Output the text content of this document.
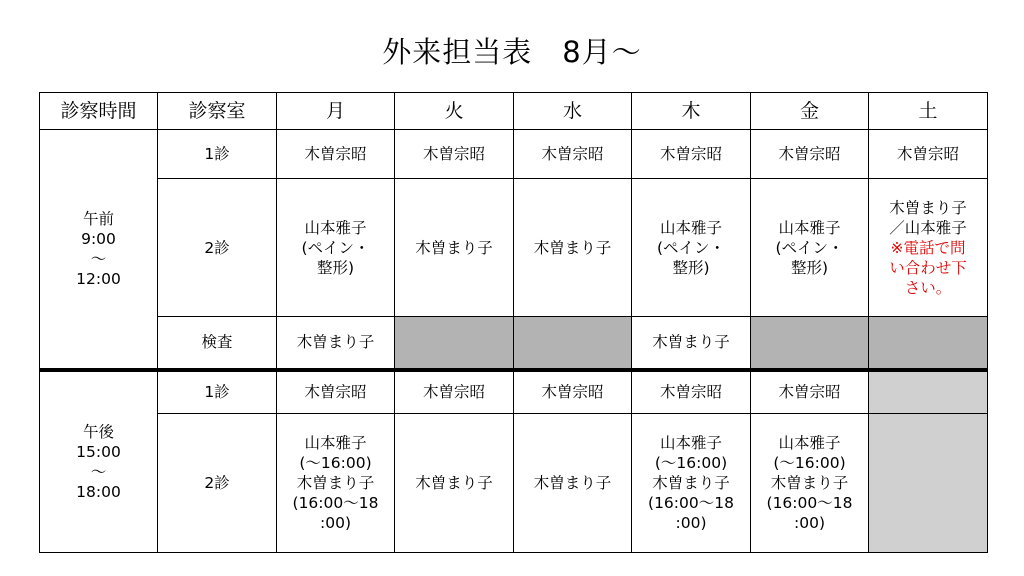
外来担当表　8月～
診察時間	診察室	月	火	水	木	金	土

午前
9:00
～
12:00	1診	木曽宗昭	木曽宗昭	木曽宗昭	木曽宗昭	木曽宗昭	木曽宗昭
	2診	山本雅子
(ペイン・
整形)	木曽まり子	木曽まり子	山本雅子
(ペイン・
整形)	山本雅子
(ペイン・
整形)	木曽まり子
／山本雅子
※電話で問
い合わせ下
さい。

	検査	木曽まり子			木曽まり子		

午後
15:00
～
18:00	1診	木曽宗昭	木曽宗昭	木曽宗昭	木曽宗昭	木曽宗昭	
	2診	山本雅子
(～16:00)
木曽まり子
(16:00～18
:00)	木曽まり子	木曽まり子	山本雅子
(～16:00)
木曽まり子
(16:00～18
:00)	山本雅子
(～16:00)
木曽まり子
(16:00～18
:00)	
